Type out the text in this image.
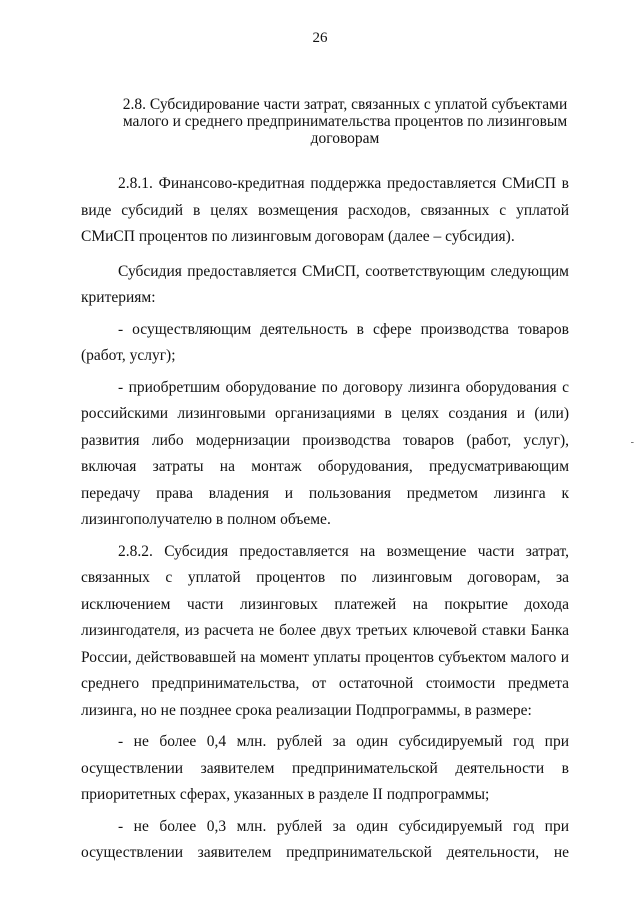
26
2.8. Субсидирование части затрат, связанных с уплатой субъектами малого и среднего предпринимательства процентов по лизинговым договорам

2.8.1. Финансово-кредитная поддержка предоставляется СМиСП в виде субсидий в целях возмещения расходов, связанных с уплатой СМиСП процентов по лизинговым договорам (далее – субсидия).

Субсидия предоставляется СМиСП, соответствующим следующим критериям:

- осуществляющим деятельность в сфере производства товаров (работ, услуг);

- приобретшим оборудование по договору лизинга оборудования с российскими лизинговыми организациями в целях создания и (или) развития либо модернизации производства товаров (работ, услуг), включая затраты на монтаж оборудования, предусматривающим передачу права владения и пользования предметом лизинга к лизингополучателю в полном объеме.

2.8.2. Субсидия предоставляется на возмещение части затрат, связанных с уплатой процентов по лизинговым договорам, за исключением части лизинговых платежей на покрытие дохода лизингодателя, из расчета не более двух третьих ключевой ставки Банка России, действовавшей на момент уплаты процентов субъектом малого и среднего предпринимательства, от остаточной стоимости предмета лизинга, но не позднее срока реализации Подпрограммы, в размере:

- не более 0,4 млн. рублей за один субсидируемый год при осуществлении заявителем предпринимательской деятельности в приоритетных сферах, указанных в разделе II подпрограммы;

- не более 0,3 млн. рублей за один субсидируемый год при осуществлении заявителем предпринимательской деятельности, не

-
